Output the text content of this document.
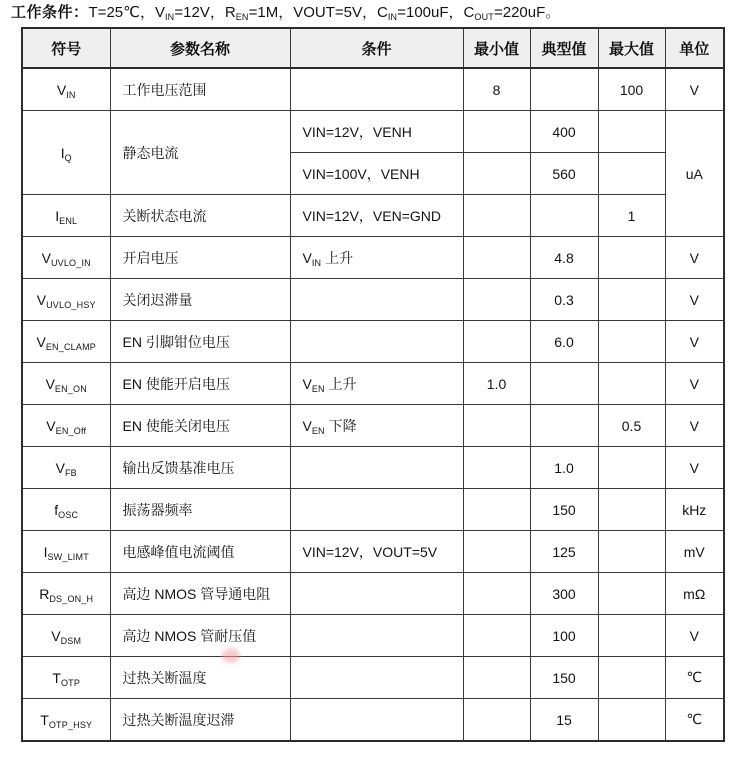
工作条件：T=25℃，$V_{IN}=12V$，$R_{EN}=1M$，VOUT=5V，$C_{IN}=100uF$，$C_{OUT}=220uF$。
符号	参数名称	条件	最小值	典型值	最大值	单位
$V_{IN}$	工作电压范围		8		100	V
$I_Q$	静态电流	VIN=12V，VENH		400		uA
		VIN=100V，VENH		560		
$I_{ENL}$	关断状态电流	VIN=12V，VEN=GND			1	
$V_{UVLO\_IN}$	开启电压	$V_{IN}$ 上升		4.8		V
$V_{UVLO\_HSY}$	关闭迟滞量			0.3		V
$V_{EN\_CLAMP}$	EN 引脚钳位电压			6.0		V
$V_{EN\_ON}$	EN 使能开启电压	$V_{EN}$ 上升	1.0			V
$V_{EN\_Off}$	EN 使能关闭电压	$V_{EN}$ 下降			0.5	V
$V_{FB}$	输出反馈基准电压			1.0		V
$f_{OSC}$	振荡器频率			150		kHz
$I_{SW\_LIMT}$	电感峰值电流阈值	VIN=12V，VOUT=5V		125		mV
$R_{DS\_ON\_H}$	高边 NMOS 管导通电阻			300		mΩ
$V_{DSM}$	高边 NMOS 管耐压值			100		V
$T_{OTP}$	过热关断温度			150		℃
$T_{OTP\_HSY}$	过热关断温度迟滞			15		℃
